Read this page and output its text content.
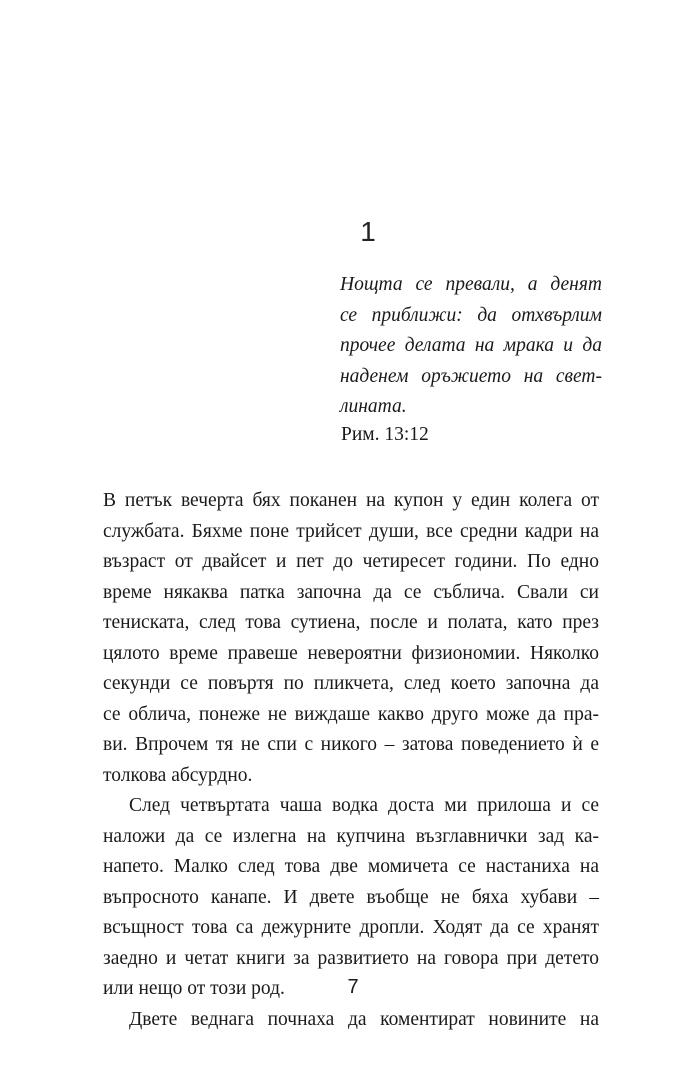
1
Нощта се превали, а денят
се приближи: да отхвърлим
прочее делата на мрака и да
наденем оръжието на свет-
лината.
Рим. 13:12
В петък вечерта бях поканен на купон у един колега от
службата. Бяхме поне трийсет души, все средни кадри на
възраст от двайсет и пет до четиресет години. По едно
време някаква патка започна да се съблича. Свали си
тениската, след това сутиена, после и полата, като през
цялото време правеше невероятни физиономии. Няколко
секунди се повъртя по пликчета, след което започна да
се облича, понеже не виждаше какво друго може да пра-
ви. Впрочем тя не спи с никого – затова поведението ѝ е
толкова абсурдно.
След четвъртата чаша водка доста ми прилоша и се
наложи да се излегна на купчина възглавнички зад ка-
напето. Малко след това две момичета се настаниха на
въпросното канапе. И двете въобще не бяха хубави –
всъщност това са дежурните дропли. Ходят да се хранят
заедно и четат книги за развитието на говора при детето
или нещо от този род.
Двете веднага почнаха да коментират новините на
7
